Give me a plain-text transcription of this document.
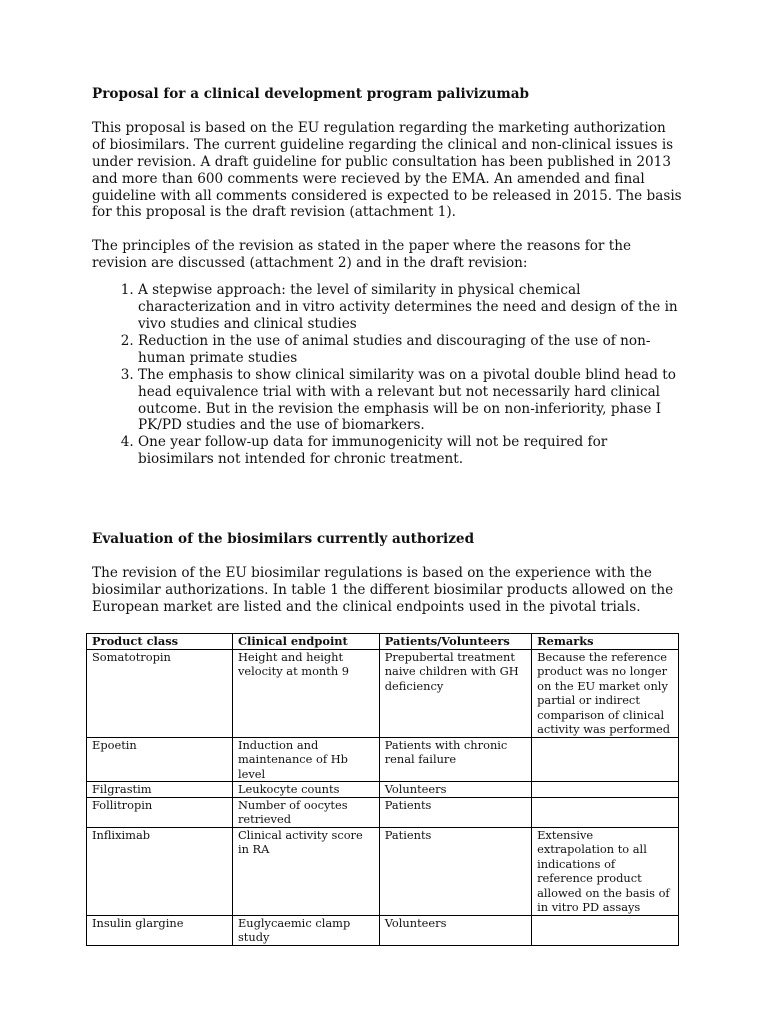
Proposal for a clinical development program palivizumab

This proposal is based on the EU regulation regarding the marketing authorization of biosimilars. The current guideline regarding the clinical and non-clinical issues is under revision. A draft guideline for public consultation has been published in 2013 and more than 600 comments were recieved by the EMA. An amended and final guideline with all comments considered is expected to be released in 2015. The basis for this proposal is the draft revision (attachment 1).

The principles of the revision as stated in the paper where the reasons for the revision are discussed (attachment 2) and in the draft revision:

1. A stepwise approach: the level of similarity in physical chemical characterization and in vitro activity determines the need and design of the in vivo studies and clinical studies
2. Reduction in the use of animal studies and discouraging of the use of non-human primate studies
3. The emphasis to show clinical similarity was on a pivotal double blind head to head equivalence trial with with a relevant but not necessarily hard clinical outcome. But in the revision the emphasis will be on non-inferiority, phase I PK/PD studies and the use of biomarkers.
4. One year follow-up data for immunogenicity will not be required for biosimilars not intended for chronic treatment.
Evaluation of the biosimilars currently authorized

The revision of the EU biosimilar regulations is based on the experience with the biosimilar authorizations. In table 1 the different biosimilar products allowed on the European market are listed and the clinical endpoints used in the pivotal trials.

Product class	Clinical endpoint	Patients/Volunteers	Remarks
Somatotropin	Height and height velocity at month 9	Prepubertal treatment naive children with GH deficiency	Because the reference product was no longer on the EU market only partial or indirect comparison of clinical activity was performed
Epoetin	Induction and maintenance of Hb level	Patients with chronic renal failure	
Filgrastim	Leukocyte counts	Volunteers	
Follitropin	Number of oocytes retrieved	Patients	
Infliximab	Clinical activity score in RA	Patients	Extensive extrapolation to all indications of reference product allowed on the basis of in vitro PD assays
Insulin glargine	Euglycaemic clamp study	Volunteers	
